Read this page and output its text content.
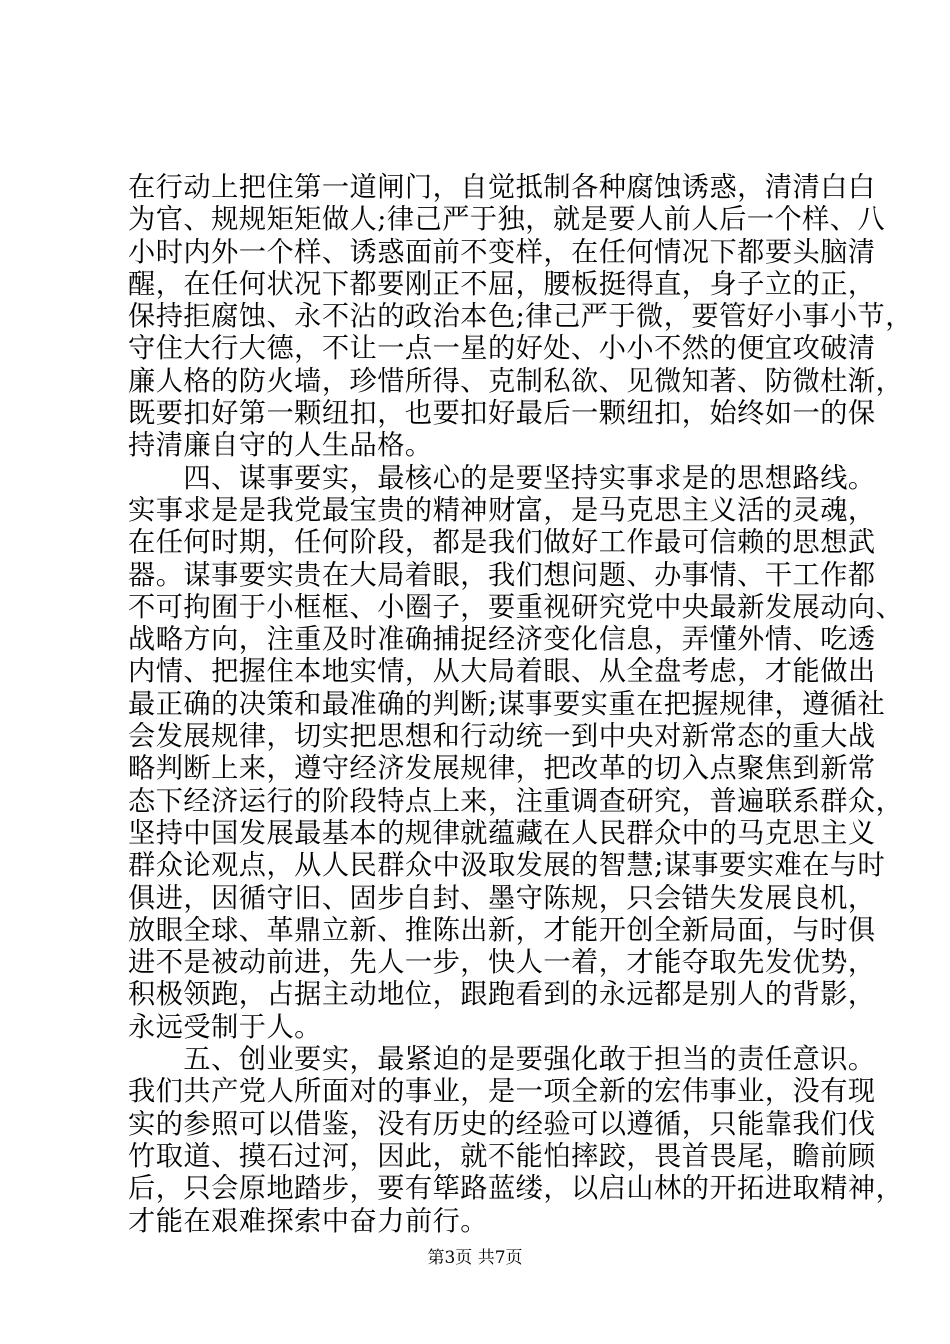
在行动上把住第一道闸门，自觉抵制各种腐蚀诱惑，清清白白
为官、规规矩矩做人;律己严于独，就是要人前人后一个样、八
小时内外一个样、诱惑面前不变样，在任何情况下都要头脑清
醒，在任何状况下都要刚正不屈，腰板挺得直，身子立的正，
保持拒腐蚀、永不沾的政治本色;律己严于微，要管好小事小节，
守住大行大德，不让一点一星的好处、小小不然的便宜攻破清
廉人格的防火墙，珍惜所得、克制私欲、见微知著、防微杜渐，
既要扣好第一颗纽扣，也要扣好最后一颗纽扣，始终如一的保
持清廉自守的人生品格。
　　四、谋事要实，最核心的是要坚持实事求是的思想路线。
实事求是是我党最宝贵的精神财富，是马克思主义活的灵魂，
在任何时期，任何阶段，都是我们做好工作最可信赖的思想武
器。谋事要实贵在大局着眼，我们想问题、办事情、干工作都
不可拘囿于小框框、小圈子，要重视研究党中央最新发展动向、
战略方向，注重及时准确捕捉经济变化信息，弄懂外情、吃透
内情、把握住本地实情，从大局着眼、从全盘考虑，才能做出
最正确的决策和最准确的判断;谋事要实重在把握规律，遵循社
会发展规律，切实把思想和行动统一到中央对新常态的重大战
略判断上来，遵守经济发展规律，把改革的切入点聚焦到新常
态下经济运行的阶段特点上来，注重调查研究，普遍联系群众，
坚持中国发展最基本的规律就蕴藏在人民群众中的马克思主义
群众论观点，从人民群众中汲取发展的智慧;谋事要实难在与时
俱进，因循守旧、固步自封、墨守陈规，只会错失发展良机，
放眼全球、革鼎立新、推陈出新，才能开创全新局面，与时俱
进不是被动前进，先人一步，快人一着，才能夺取先发优势，
积极领跑，占据主动地位，跟跑看到的永远都是别人的背影，
永远受制于人。
　　五、创业要实，最紧迫的是要强化敢于担当的责任意识。
我们共产党人所面对的事业，是一项全新的宏伟事业，没有现
实的参照可以借鉴，没有历史的经验可以遵循，只能靠我们伐
竹取道、摸石过河，因此，就不能怕摔跤，畏首畏尾，瞻前顾
后，只会原地踏步，要有筚路蓝缕，以启山林的开拓进取精神，
才能在艰难探索中奋力前行。
第3页 共7页
